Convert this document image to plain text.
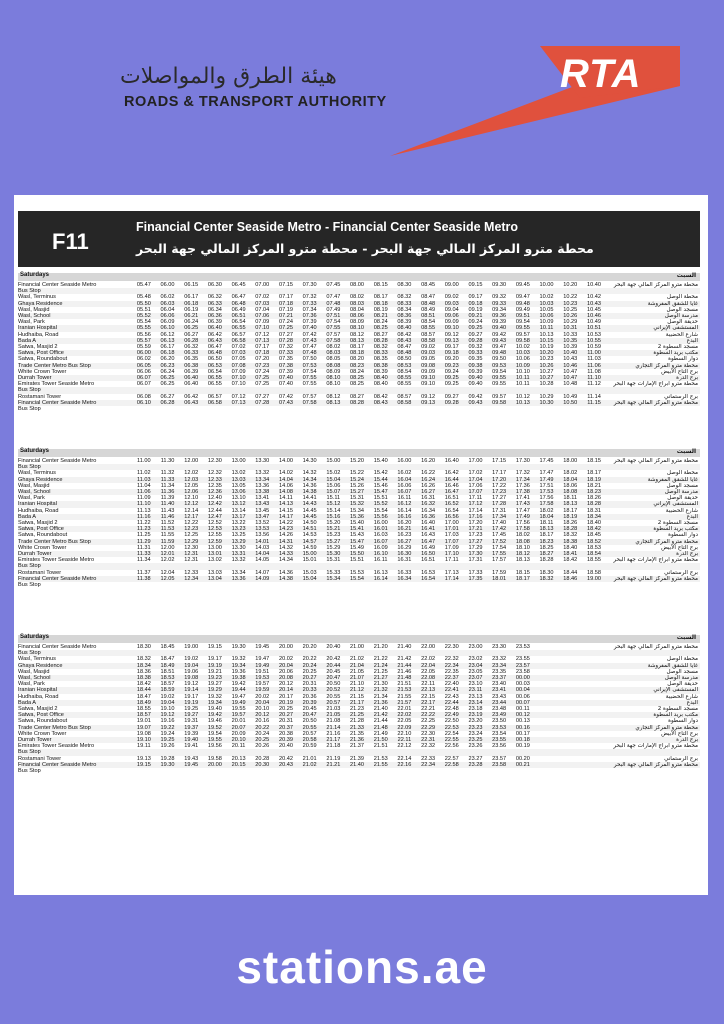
هيئة الطرق والمواصلات
ROADS & TRANSPORT AUTHORITY
RTA
F11
Financial Center Seaside Metro - Financial Center Seaside Metro
محطة مترو المركز المالي جهة البحر - محطة مترو المركز المالي جهة البحر
Saturdays	السبت
Financial Center Seaside Metro	05.47	06.00	06.15	06.30	06.45	07.00	07.15	07.30	07.45	08.00	08.15	08.30	08.45	09.00	09.15	09.30	09.45	10.00	10.20	10.40	محطة مترو المركز المالي جهة البحر
Bus Stop																					
Wasl, Terminus	05.48	06.02	06.17	06.32	06.47	07.02	07.17	07.32	07.47	08.02	08.17	08.32	08.47	09.02	09.17	09.32	09.47	10.02	10.22	10.42	محطة الوصل
Ghaya Residence	05.50	06.03	06.18	06.33	06.48	07.03	07.18	07.33	07.48	08.03	08.18	08.33	08.48	09.03	09.18	09.33	09.48	10.03	10.23	10.43	غايا للشقق المفروشة
Wasl, Masjid	05.51	06.04	06.19	06.34	06.49	07.04	07.19	07.34	07.49	08.04	08.19	08.34	08.49	09.04	09.19	09.34	09.49	10.05	10.25	10.45	مسجد الوصل
Wasl, School	05.52	06.06	06.21	06.36	06.51	07.06	07.21	07.36	07.51	08.06	08.21	08.36	08.51	09.06	09.21	09.36	09.51	10.06	10.26	10.46	مدرسة الوصل
Wasl, Park	05.54	06.09	06.24	06.39	06.54	07.09	07.24	07.39	07.54	08.09	08.24	08.39	08.54	09.09	09.24	09.39	09.54	10.09	10.29	10.49	حديقة الوصل
Iranian Hospital	05.55	06.10	06.25	06.40	06.55	07.10	07.25	07.40	07.55	08.10	08.25	08.40	08.55	09.10	09.25	09.40	09.55	10.11	10.31	10.51	المستشفى الإيراني
Hudhaiba, Road	05.56	06.12	06.27	06.42	06.57	07.12	07.27	07.42	07.57	08.12	08.27	08.42	08.57	09.12	09.27	09.42	09.57	10.13	10.33	10.53	شارع الحضيبة
Bada A	05.57	06.13	06.28	06.43	06.58	07.13	07.28	07.43	07.58	08.13	08.28	08.43	08.58	09.13	09.28	09.43	09.58	10.15	10.35	10.55	البدع
Satwa, Masjid 2	05.59	06.17	06.32	06.47	07.02	07.17	07.32	07.47	08.02	08.17	08.32	08.47	09.02	09.17	09.32	09.47	10.02	10.19	10.39	10.59	مسجد السطوة 2
Satwa, Post Office	06.00	06.18	06.33	06.48	07.03	07.18	07.33	07.48	08.03	08.18	08.33	08.48	09.03	09.18	09.33	09.48	10.03	10.20	10.40	11.00	مكتب بريد السطوة
Satwa, Roundabout	06.02	06.20	06.35	06.50	07.05	07.20	07.35	07.50	08.05	08.20	08.35	08.50	09.05	09.20	09.35	09.50	10.06	10.23	10.43	11.03	دوار السطوة
Trade Center Metro Bus Stop	06.05	06.23	06.38	06.53	07.08	07.23	07.38	07.53	08.08	08.23	08.38	08.53	09.08	09.23	09.38	09.53	10.09	10.26	10.46	11.06	محطة مترو المركز التجاري
White Crown Tower	06.06	06.24	06.39	06.54	07.09	07.24	07.39	07.54	08.09	08.24	08.39	08.54	09.09	09.24	09.39	09.54	10.10	10.27	10.47	11.08	برج التاج الأبيض
Durrah Tower	06.07	06.25	06.40	06.55	07.10	07.25	07.40	07.55	08.10	08.25	08.40	08.55	09.10	09.25	09.40	09.55	10.11	10.27	10.47	11.10	برج الدرة
Emirates Tower Seaside Metro	06.07	06.25	06.40	06.55	07.10	07.25	07.40	07.55	08.10	08.25	08.40	08.55	09.10	09.25	09.40	09.55	10.11	10.28	10.48	11.12	محطة مترو أبراج الإمارات جهة البحر
Bus Stop																					
Rostamani Tower	06.08	06.27	06.42	06.57	07.12	07.27	07.42	07.57	08.12	08.27	08.42	08.57	09.12	09.27	09.42	09.57	10.12	10.29	10.49	11.14	برج الرستماني
Financial Center Seaside Metro	06.10	06.28	06.43	06.58	07.13	07.28	07.43	07.58	08.13	08.28	08.43	08.58	09.13	09.28	09.43	09.58	10.13	10.30	10.50	11.15	محطة مترو المركز المالي جهة البحر
Bus Stop																					
Saturdays	السبت
Financial Center Seaside Metro	11.00	11.30	12.00	12.30	13.00	13.30	14.00	14.30	15.00	15.20	15.40	16.00	16.20	16.40	17.00	17.15	17.30	17.45	18.00	18.15	محطة مترو المركز المالي جهة البحر
Bus Stop																					
Wasl, Terminus	11.02	11.32	12.02	12.32	13.02	13.32	14.02	14.32	15.02	15.22	15.42	16.02	16.22	16.42	17.02	17.17	17.32	17.47	18.02	18.17	محطة الوصل
Ghaya Residence	11.03	11.33	12.03	12.33	13.03	13.34	14.04	14.34	15.04	15.24	15.44	16.04	16.24	16.44	17.04	17.20	17.34	17.49	18.04	18.19	غايا للشقق المفروشة
Wasl, Masjid	11.04	11.34	12.05	12.35	13.05	13.36	14.06	14.36	15.06	15.26	15.46	16.06	16.26	16.46	17.06	17.22	17.36	17.51	18.06	18.21	مسجد الوصل
Wasl, School	11.06	11.36	12.06	12.36	13.06	13.38	14.08	14.38	15.07	15.27	15.47	16.07	16.27	16.47	17.07	17.23	17.38	17.53	18.08	18.23	مدرسة الوصل
Wasl, Park	11.09	11.39	12.10	12.40	13.10	13.41	14.11	14.41	15.11	15.31	15.51	16.11	16.31	16.51	17.11	17.27	17.41	17.56	18.11	18.26	حديقة الوصل
Iranian Hospital	11.10	11.40	12.12	12.42	13.12	13.43	14.13	14.43	15.12	15.32	15.52	16.12	16.32	16.52	17.12	17.28	17.43	17.58	18.13	18.28	المستشفى الإيراني
Hudhaiba, Road	11.13	11.43	12.14	12.44	13.14	13.45	14.15	14.45	15.14	15.34	15.54	16.14	16.34	16.54	17.14	17.31	17.47	18.02	18.17	18.31	شارع الحضيبة
Bada A	11.16	11.46	12.17	12.47	13.17	13.47	14.17	14.45	15.16	15.36	15.56	16.16	16.36	16.56	17.16	17.34	17.49	18.04	18.19	18.34	البدع
Satwa, Masjid 2	11.22	11.52	12.22	12.52	13.22	13.52	14.22	14.50	15.20	15.40	16.00	16.20	16.40	17.00	17.20	17.40	17.56	18.11	18.26	18.40	مسجد السطوة 2
Satwa, Post Office	11.23	11.53	12.23	12.53	13.23	13.53	14.23	14.51	15.21	15.41	16.01	16.21	16.41	17.01	17.21	17.42	17.58	18.13	18.28	18.42	مكتب بريد السطوة
Satwa, Roundabout	11.25	11.55	12.25	12.55	13.25	13.56	14.26	14.53	15.23	15.43	16.03	16.23	16.43	17.03	17.23	17.45	18.02	18.17	18.32	18.45	دوار السطوة
Trade Center Metro Bus Stop	11.29	11.59	12.29	12.59	13.29	14.01	14.31	14.57	15.27	15.47	16.07	16.27	16.47	17.07	17.27	17.52	18.08	18.23	18.38	18.52	محطة مترو المركز التجاري
White Crown Tower	11.31	12.00	12.30	13.00	13.30	14.03	14.32	14.59	15.29	15.49	16.09	16.29	16.49	17.09	17.29	17.54	18.10	18.25	18.40	18.53	برج التاج الأبيض
Durrah Tower	11.33	12.01	12.31	13.01	13.31	14.04	14.33	15.00	15.30	15.50	16.10	16.30	16.50	17.10	17.30	17.55	18.12	18.27	18.41	18.54	برج الدرة
Emirates Tower Seaside Metro	11.34	12.02	12.31	13.02	13.32	14.05	14.34	15.01	15.31	15.51	16.11	16.31	16.51	17.11	17.31	17.57	18.13	18.28	18.42	18.55	محطة مترو أبراج الإمارات جهة البحر
Bus Stop																					
Rostamani Tower	11.37	12.04	12.33	13.03	13.34	14.07	14.36	15.03	15.33	15.53	16.13	16.33	16.53	17.13	17.33	17.59	18.15	18.30	18.44	18.58	برج الرستماني
Financial Center Seaside Metro	11.38	12.05	12.34	13.04	13.36	14.09	14.38	15.04	15.34	15.54	16.14	16.34	16.54	17.14	17.35	18.01	18.17	18.32	18.46	19.00	محطة مترو المركز المالي جهة البحر
Bus Stop																					
Saturdays	السبت
Financial Center Seaside Metro	18.30	18.45	19.00	19.15	19.30	19.45	20.00	20.20	20.40	21.00	21.20	21.40	22.00	22.30	23.00	23.30	23.53				محطة مترو المركز المالي جهة البحر
Bus Stop																					
Wasl, Terminus	18.32	18.47	19.02	19.17	19.32	19.47	20.02	20.22	20.42	21.02	21.22	21.42	22.02	22.32	23.02	23.32	23.55				محطة الوصل
Ghaya Residence	18.34	18.49	19.04	19.19	19.34	19.49	20.04	20.24	20.44	21.04	21.24	21.44	22.04	22.34	23.04	23.34	23.57				غايا للشقق المفروشة
Wasl, Masjid	18.36	18.51	19.06	19.21	19.36	19.51	20.06	20.25	20.45	21.05	21.25	21.46	22.05	22.35	23.05	23.35	23.58				مسجد الوصل
Wasl, School	18.38	18.53	19.08	19.23	19.38	19.53	20.08	20.27	20.47	21.07	21.27	21.48	22.08	22.37	23.07	23.37	00.00				مدرسة الوصل
Wasl, Park	18.42	18.57	19.12	19.27	19.42	19.57	20.12	20.31	20.50	21.10	21.30	21.51	22.11	22.40	23.10	23.40	00.03				حديقة الوصل
Iranian Hospital	18.44	18.59	19.14	19.29	19.44	19.59	20.14	20.33	20.52	21.12	21.32	21.53	22.13	22.41	23.11	23.41	00.04				المستشفى الإيراني
Hudhaiba, Road	18.47	19.02	19.17	19.32	19.47	20.02	20.17	20.36	20.55	21.15	21.34	21.55	22.15	22.43	23.13	23.43	00.06				شارع الحضيبة
Bada A	18.49	19.04	19.19	19.34	19.49	20.04	20.19	20.39	20.57	21.17	21.36	21.57	22.17	22.44	23.14	23.44	00.07				البدع
Satwa, Masjid 2	18.55	19.10	19.25	19.40	19.55	20.10	20.25	20.45	21.03	21.23	21.40	22.01	22.21	22.48	23.18	23.48	00.11				مسجد السطوة 2
Satwa, Post Office	18.57	19.12	19.27	19.42	19.57	20.12	20.27	20.47	21.05	21.25	21.42	22.02	22.22	22.49	23.19	23.49	00.12				مكتب بريد السطوة
Satwa, Roundabout	19.01	19.16	19.31	19.46	20.01	20.16	20.31	20.50	21.08	21.28	21.44	22.05	22.25	22.50	23.20	23.50	00.13				دوار السطوة
Trade Center Metro Bus Stop	19.07	19.22	19.37	19.52	20.07	20.22	20.37	20.55	21.14	21.33	21.48	22.09	22.29	22.53	23.23	23.53	00.16				محطة مترو المركز التجاري
White Crown Tower	19.08	19.24	19.39	19.54	20.09	20.24	20.38	20.57	21.16	21.35	21.49	22.10	22.30	22.54	23.24	23.54	00.17				برج التاج الأبيض
Durrah Tower	19.10	19.25	19.40	19.55	20.10	20.25	20.39	20.58	21.17	21.36	21.50	22.11	22.31	22.55	23.25	23.55	00.18				برج الدرة
Emirates Tower Seaside Metro	19.11	19.26	19.41	19.56	20.11	20.26	20.40	20.59	21.18	21.37	21.51	22.12	22.32	22.56	23.26	23.56	00.19				محطة مترو أبراج الإمارات جهة البحر
Bus Stop																					
Rostamani Tower	19.13	19.28	19.43	19.58	20.13	20.28	20.42	21.01	21.19	21.39	21.53	22.14	22.33	22.57	23.27	23.57	00.20				برج الرستماني
Financial Center Seaside Metro	19.15	19.30	19.45	20.00	20.15	20.30	20.43	21.02	21.21	21.40	21.55	22.16	22.34	22.58	23.28	23.58	00.21				محطة مترو المركز المالي جهة البحر
Bus Stop																					
stations.ae
